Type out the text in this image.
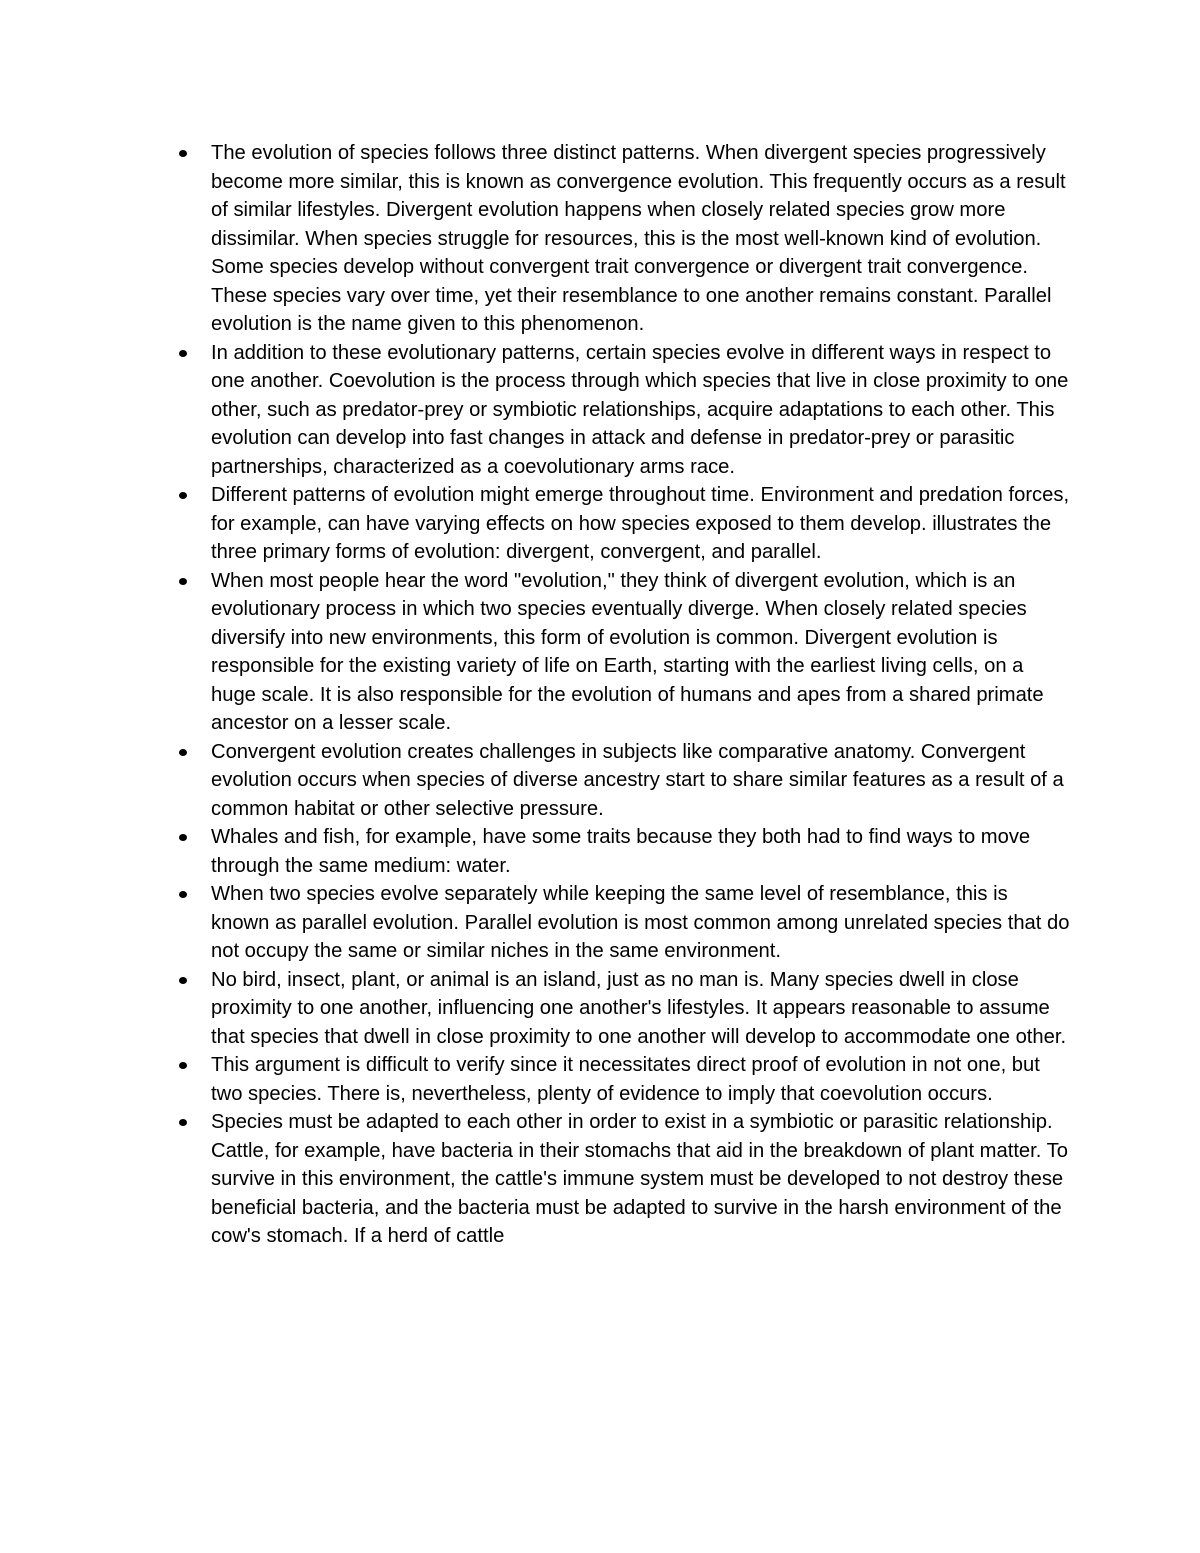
The evolution of species follows three distinct patterns. When divergent species progressively become more similar, this is known as convergence evolution. This frequently occurs as a result of similar lifestyles. Divergent evolution happens when closely related species grow more dissimilar. When species struggle for resources, this is the most well-known kind of evolution. Some species develop without convergent trait convergence or divergent trait convergence. These species vary over time, yet their resemblance to one another remains constant. Parallel evolution is the name given to this phenomenon.
In addition to these evolutionary patterns, certain species evolve in different ways in respect to one another. Coevolution is the process through which species that live in close proximity to one other, such as predator-prey or symbiotic relationships, acquire adaptations to each other. This evolution can develop into fast changes in attack and defense in predator-prey or parasitic partnerships, characterized as a coevolutionary arms race.
Different patterns of evolution might emerge throughout time. Environment and predation forces, for example, can have varying effects on how species exposed to them develop. illustrates the three primary forms of evolution: divergent, convergent, and parallel.
When most people hear the word "evolution," they think of divergent evolution, which is an evolutionary process in which two species eventually diverge. When closely related species diversify into new environments, this form of evolution is common. Divergent evolution is responsible for the existing variety of life on Earth, starting with the earliest living cells, on a huge scale. It is also responsible for the evolution of humans and apes from a shared primate ancestor on a lesser scale.
Convergent evolution creates challenges in subjects like comparative anatomy. Convergent evolution occurs when species of diverse ancestry start to share similar features as a result of a common habitat or other selective pressure.
Whales and fish, for example, have some traits because they both had to find ways to move through the same medium: water.
When two species evolve separately while keeping the same level of resemblance, this is known as parallel evolution. Parallel evolution is most common among unrelated species that do not occupy the same or similar niches in the same environment.
No bird, insect, plant, or animal is an island, just as no man is. Many species dwell in close proximity to one another, influencing one another's lifestyles. It appears reasonable to assume that species that dwell in close proximity to one another will develop to accommodate one other.
This argument is difficult to verify since it necessitates direct proof of evolution in not one, but two species. There is, nevertheless, plenty of evidence to imply that coevolution occurs.
Species must be adapted to each other in order to exist in a symbiotic or parasitic relationship. Cattle, for example, have bacteria in their stomachs that aid in the breakdown of plant matter. To survive in this environment, the cattle's immune system must be developed to not destroy these beneficial bacteria, and the bacteria must be adapted to survive in the harsh environment of the cow's stomach. If a herd of cattle
